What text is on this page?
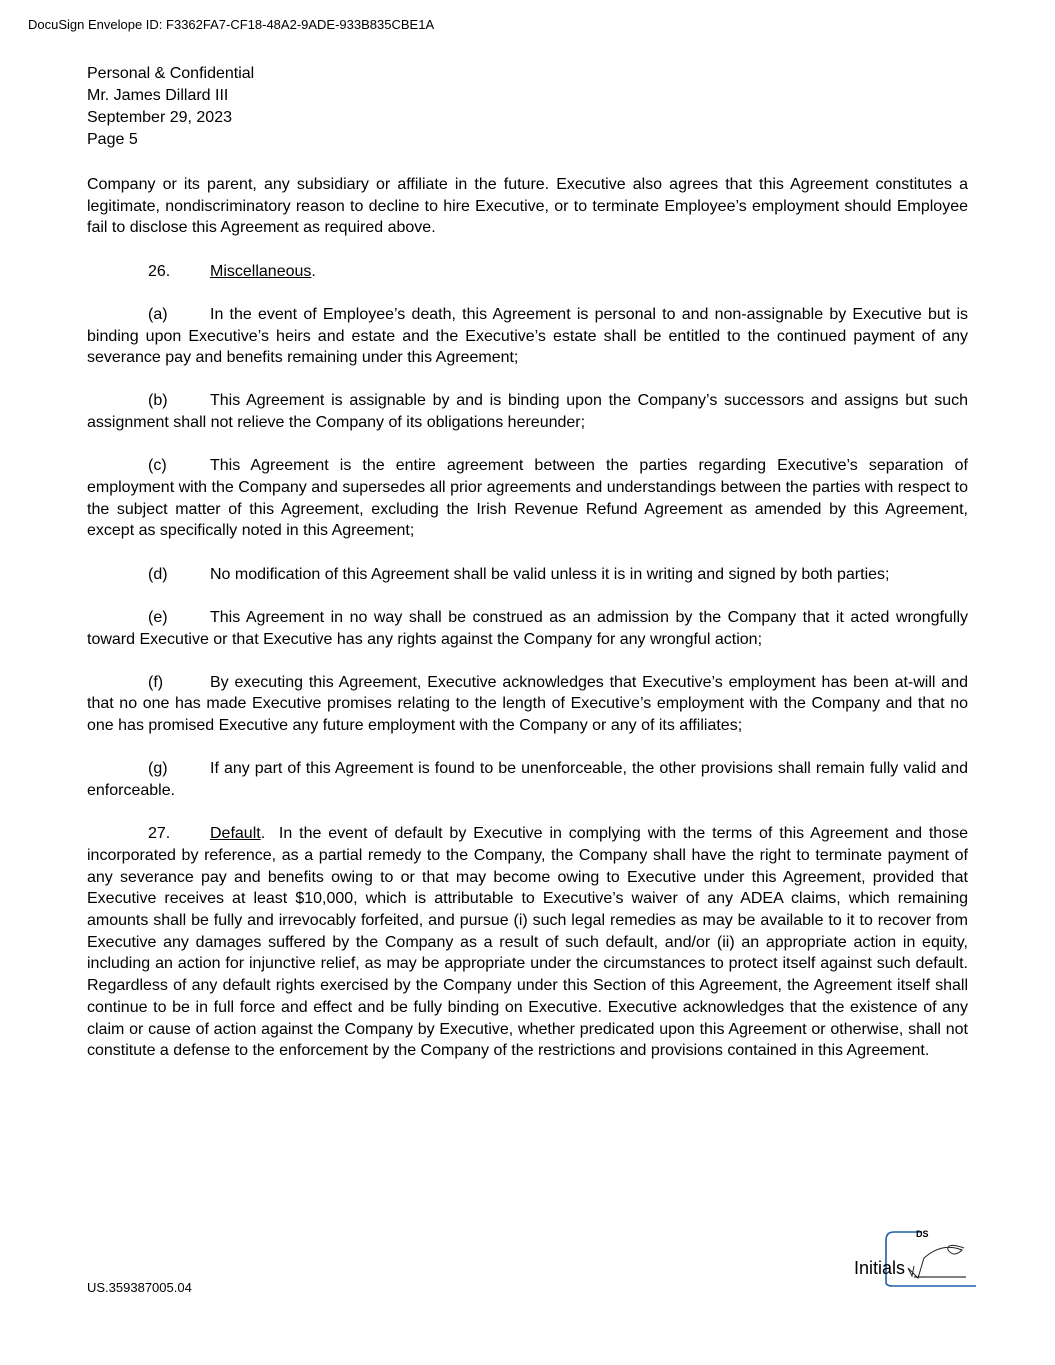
DocuSign Envelope ID: F3362FA7-CF18-48A2-9ADE-933B835CBE1A
Personal & Confidential
Mr. James Dillard III
September 29, 2023
Page 5

Company or its parent, any subsidiary or affiliate in the future. Executive also agrees that this Agreement constitutes a legitimate, nondiscriminatory reason to decline to hire Executive, or to terminate Employee’s employment should Employee fail to disclose this Agreement as required above.

26. Miscellaneous.

(a)	In the event of Employee’s death, this Agreement is personal to and non-assignable by Executive but is binding upon Executive’s heirs and estate and the Executive’s estate shall be entitled to the continued payment of any severance pay and benefits remaining under this Agreement;

(b)	This Agreement is assignable by and is binding upon the Company’s successors and assigns but such assignment shall not relieve the Company of its obligations hereunder;

(c)	This Agreement is the entire agreement between the parties regarding Executive’s separation of employment with the Company and supersedes all prior agreements and understandings between the parties with respect to the subject matter of this Agreement, excluding the Irish Revenue Refund Agreement as amended by this Agreement, except as specifically noted in this Agreement;

(d)	No modification of this Agreement shall be valid unless it is in writing and signed by both parties;

(e)	This Agreement in no way shall be construed as an admission by the Company that it acted wrongfully toward Executive or that Executive has any rights against the Company for any wrongful action;

(f)	By executing this Agreement, Executive acknowledges that Executive’s employment has been at-will and that no one has made Executive promises relating to the length of Executive’s employment with the Company and that no one has promised Executive any future employment with the Company or any of its affiliates;

(g)	If any part of this Agreement is found to be unenforceable, the other provisions shall remain fully valid and enforceable.

27. Default.  In the event of default by Executive in complying with the terms of this Agreement and those incorporated by reference, as a partial remedy to the Company, the Company shall have the right to terminate payment of any severance pay and benefits owing to or that may become owing to Executive under this Agreement, provided that Executive receives at least $10,000, which is attributable to Executive’s waiver of any ADEA claims, which remaining amounts shall be fully and irrevocably forfeited, and pursue (i) such legal remedies as may be available to it to recover from Executive any damages suffered by the Company as a result of such default, and/or (ii) an appropriate action in equity, including an action for injunctive relief, as may be appropriate under the circumstances to protect itself against such default. Regardless of any default rights exercised by the Company under this Section of this Agreement, the Agreement itself shall continue to be in full force and effect and be fully binding on Executive. Executive acknowledges that the existence of any claim or cause of action against the Company by Executive, whether predicated upon this Agreement or otherwise, shall not constitute a defense to the enforcement by the Company of the restrictions and provisions contained in this Agreement.

US.359387005.04
DS
Initials
